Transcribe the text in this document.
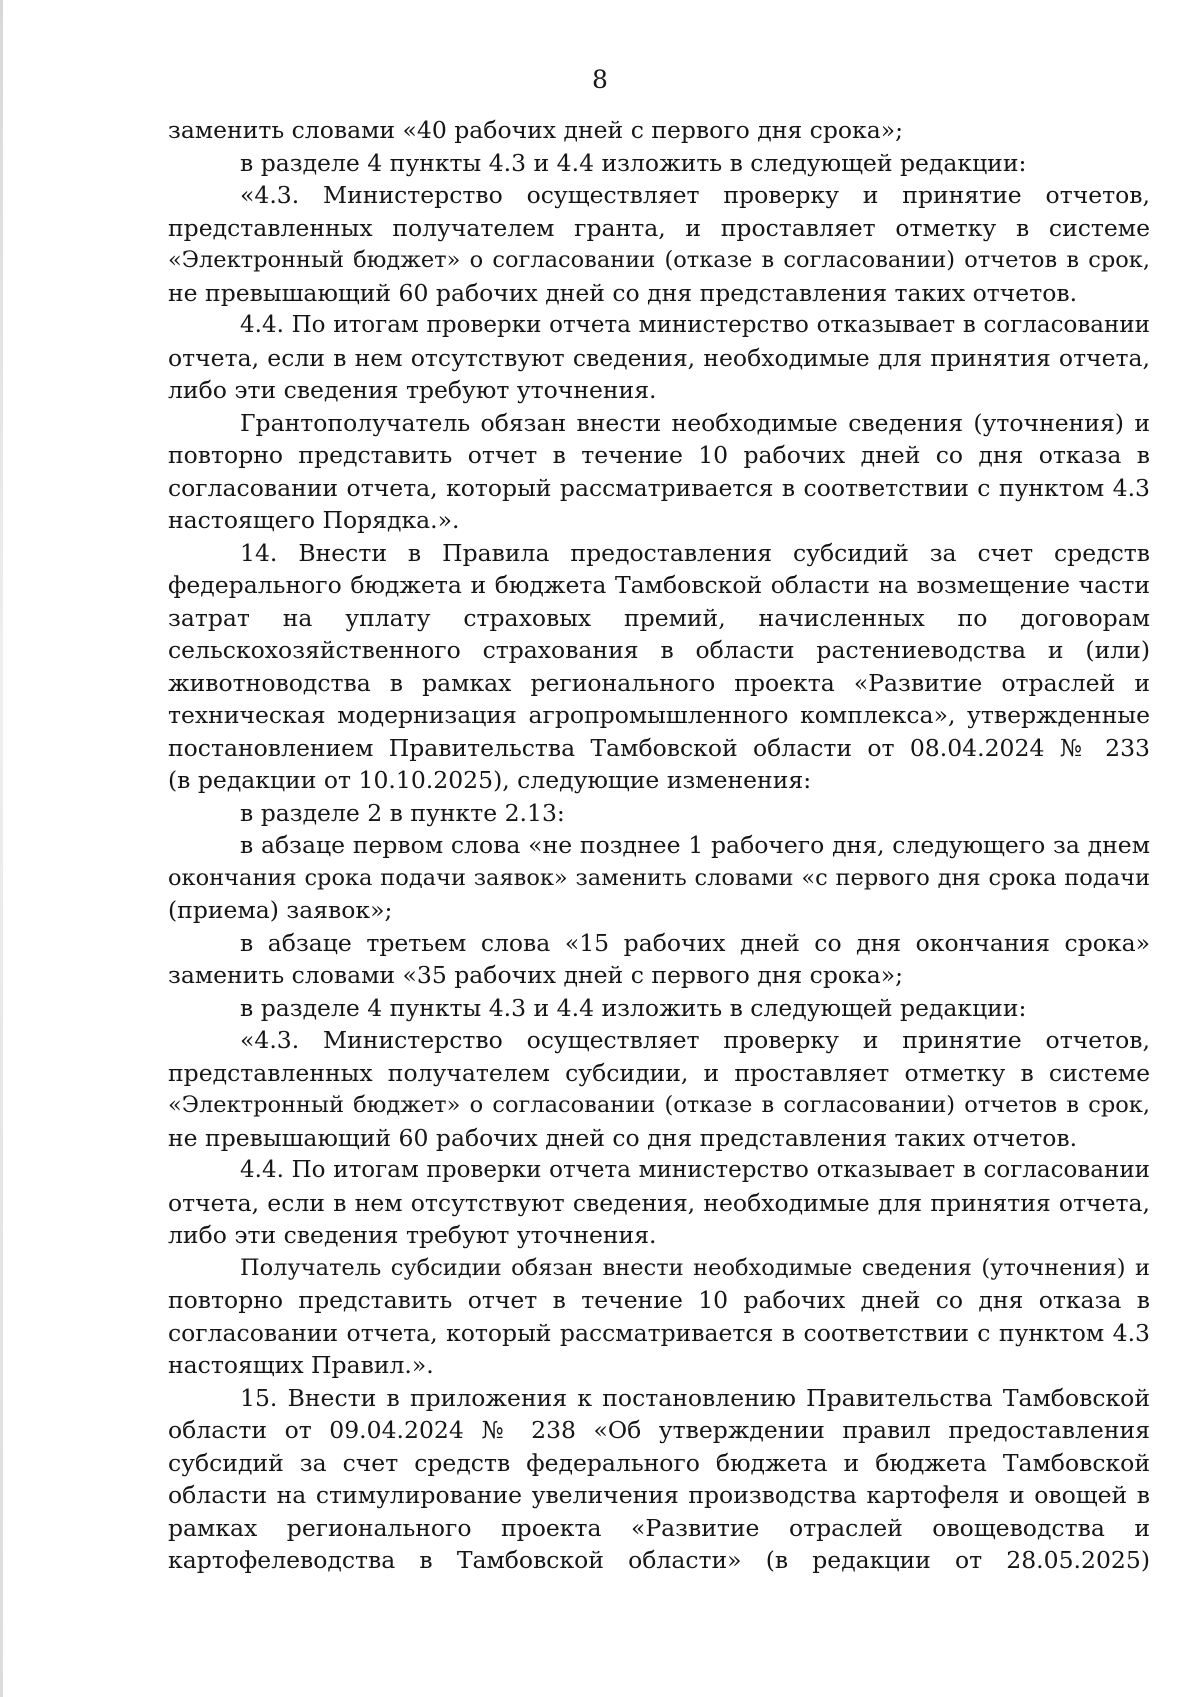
8
заменить словами «40 рабочих дней с первого дня срока»;
в разделе 4 пункты 4.3 и 4.4 изложить в следующей редакции:
«4.3. Министерство осуществляет проверку и принятие отчетов,
представленных получателем гранта, и проставляет отметку в системе
«Электронный бюджет» о согласовании (отказе в согласовании) отчетов в срок,
не превышающий 60 рабочих дней со дня представления таких отчетов.
4.4. По итогам проверки отчета министерство отказывает в согласовании
отчета, если в нем отсутствуют сведения, необходимые для принятия отчета,
либо эти сведения требуют уточнения.
Грантополучатель обязан внести необходимые сведения (уточнения) и
повторно представить отчет в течение 10 рабочих дней со дня отказа в
согласовании отчета, который рассматривается в соответствии с пунктом 4.3
настоящего Порядка.».
14. Внести в Правила предоставления субсидий за счет средств
федерального бюджета и бюджета Тамбовской области на возмещение части
затрат на уплату страховых премий, начисленных по договорам
сельскохозяйственного страхования в области растениеводства и (или)
животноводства в рамках регионального проекта «Развитие отраслей и
техническая модернизация агропромышленного комплекса», утвержденные
постановлением Правительства Тамбовской области от 08.04.2024 № 233
(в редакции от 10.10.2025), следующие изменения:
в разделе 2 в пункте 2.13:
в абзаце первом слова «не позднее 1 рабочего дня, следующего за днем
окончания срока подачи заявок» заменить словами «с первого дня срока подачи
(приема) заявок»;
в абзаце третьем слова «15 рабочих дней со дня окончания срока»
заменить словами «35 рабочих дней с первого дня срока»;
в разделе 4 пункты 4.3 и 4.4 изложить в следующей редакции:
«4.3. Министерство осуществляет проверку и принятие отчетов,
представленных получателем субсидии, и проставляет отметку в системе
«Электронный бюджет» о согласовании (отказе в согласовании) отчетов в срок,
не превышающий 60 рабочих дней со дня представления таких отчетов.
4.4. По итогам проверки отчета министерство отказывает в согласовании
отчета, если в нем отсутствуют сведения, необходимые для принятия отчета,
либо эти сведения требуют уточнения.
Получатель субсидии обязан внести необходимые сведения (уточнения) и
повторно представить отчет в течение 10 рабочих дней со дня отказа в
согласовании отчета, который рассматривается в соответствии с пунктом 4.3
настоящих Правил.».
15. Внести в приложения к постановлению Правительства Тамбовской
области от 09.04.2024 № 238 «Об утверждении правил предоставления
субсидий за счет средств федерального бюджета и бюджета Тамбовской
области на стимулирование увеличения производства картофеля и овощей в
рамках регионального проекта «Развитие отраслей овощеводства и
картофелеводства в Тамбовской области» (в редакции от 28.05.2025)
